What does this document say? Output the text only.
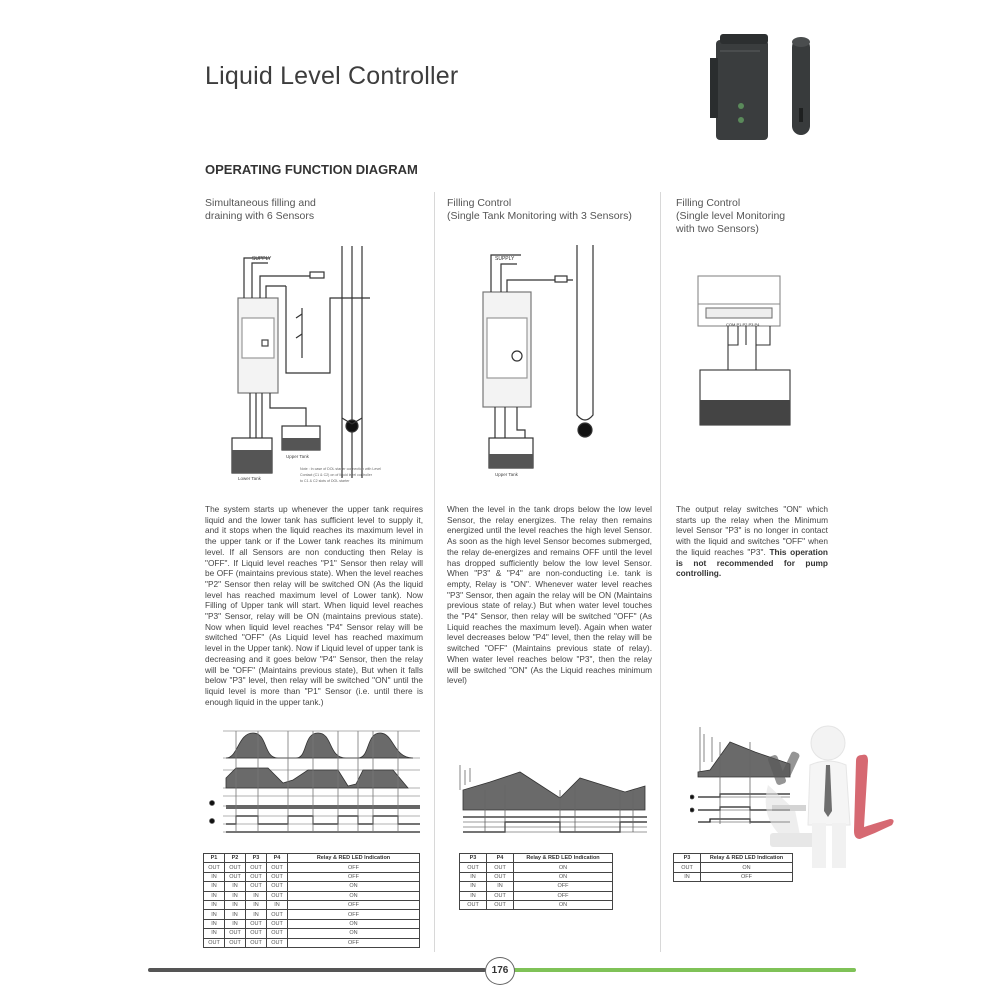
Liquid Level Controller
OPERATING FUNCTION DIAGRAM
Simultaneous filling and
draining with 6 Sensors
Filling Control
(Single Tank Monitoring with 3 Sensors)
Filling Control
(Single level Monitoring
with two Sensors)
SUPPLY
Lower Tank
Upper Tank
Note : In case of DOL starter connection with Level
Contact (C1 & C2) on of liquid level controller
to C1 & C2 slots of DOL starter
SUPPLY
Upper Tank
COM P1 P2 P3 P4
The system starts up whenever the upper tank requires liquid and the lower tank has sufficient level to supply it, and it stops when the liquid reaches its maximum level in the upper tank or if the Lower tank reaches its minimum level. If all Sensors are non conducting then Relay is "OFF". If Liquid level reaches "P1" Sensor then relay will be OFF (maintains previous state). When the level reaches "P2" Sensor then relay will be switched ON (As the liquid level has reached maximum level of Lower tank). Now Filling of Upper tank will start. When liquid level reaches "P3" Sensor, relay will be ON (maintains previous state). Now when liquid level reaches "P4" Sensor relay will be switched "OFF" (As Liquid level has reached maximum level in the Upper tank). Now if Liquid level of upper tank is decreasing and it goes below "P4" Sensor, then the relay will be "OFF" (Maintains previous state), But when it falls below "P3" level, then relay will be switched "ON" until the liquid level is more than "P1" Sensor (i.e. until there is enough liquid in the upper tank.)
When the level in the tank drops below the low level Sensor, the relay energizes. The relay then remains energized until the level reaches the high level Sensor. As soon as the high level Sensor becomes submerged, the relay de-energizes and remains OFF until the level has dropped sufficiently below the low level Sensor. When "P3" & "P4" are non-conducting i.e. tank is empty, Relay is "ON". Whenever water level reaches "P3" Sensor, then again the relay will be ON (Maintains previous state of relay.) But when water level touches the "P4" Sensor, then relay will be switched "OFF" (As Liquid reaches the maximum level). Again when water level decreases below "P4" level, then the relay will be switched "OFF" (Maintains previous state of relay). When water level reaches below "P3", then the relay will be switched "ON" (As the Liquid reaches minimum level)
The output relay switches "ON" which starts up the relay when the Minimum level Sensor "P3" is no longer in contact with the liquid and switches "OFF" when the liquid reaches "P3". This operation is not recommended for pump controlling.
P1	P2	P3	P4	Relay & RED LED Indication
OUT	OUT	OUT	OUT	OFF
IN	OUT	OUT	OUT	OFF
IN	IN	OUT	OUT	ON
IN	IN	IN	OUT	ON
IN	IN	IN	IN	OFF
IN	IN	IN	OUT	OFF
IN	IN	OUT	OUT	ON
IN	OUT	OUT	OUT	ON
OUT	OUT	OUT	OUT	OFF
P3	P4	Relay & RED LED Indication
OUT	OUT	ON
IN	OUT	ON
IN	IN	OFF
IN	OUT	OFF
OUT	OUT	ON
P3	Relay & RED LED Indication
OUT	ON
IN	OFF
176
